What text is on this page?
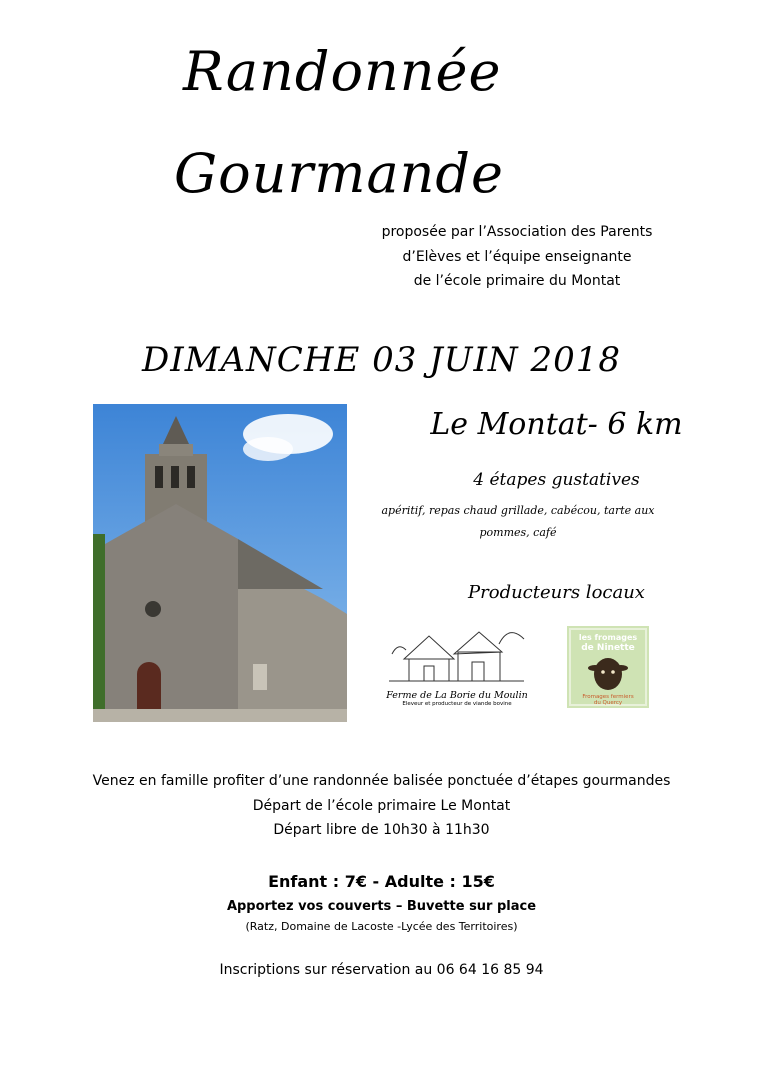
Randonnée
Gourmande
proposée par l’Association des Parents
d’Elèves et l’équipe enseignante
de l’école primaire du Montat
DIMANCHE 03 JUIN 2018
Le Montat- 6 km
4 étapes gustatives
apéritif, repas chaud grillade, cabécou, tarte aux pommes, café
Producteurs locaux
Ferme de La Borie du Moulin
Eleveur et producteur de viande bovine
les fromages
de Ninette
Fromages fermiers
du Quercy
Venez en famille profiter d’une randonnée balisée ponctuée d’étapes gourmandes
Départ de l’école primaire Le Montat
Départ libre de 10h30 à 11h30
Enfant : 7€ - Adulte : 15€
Apportez vos couverts – Buvette sur place
(Ratz, Domaine de Lacoste -Lycée des Territoires)
Inscriptions sur réservation au 06 64 16 85 94
